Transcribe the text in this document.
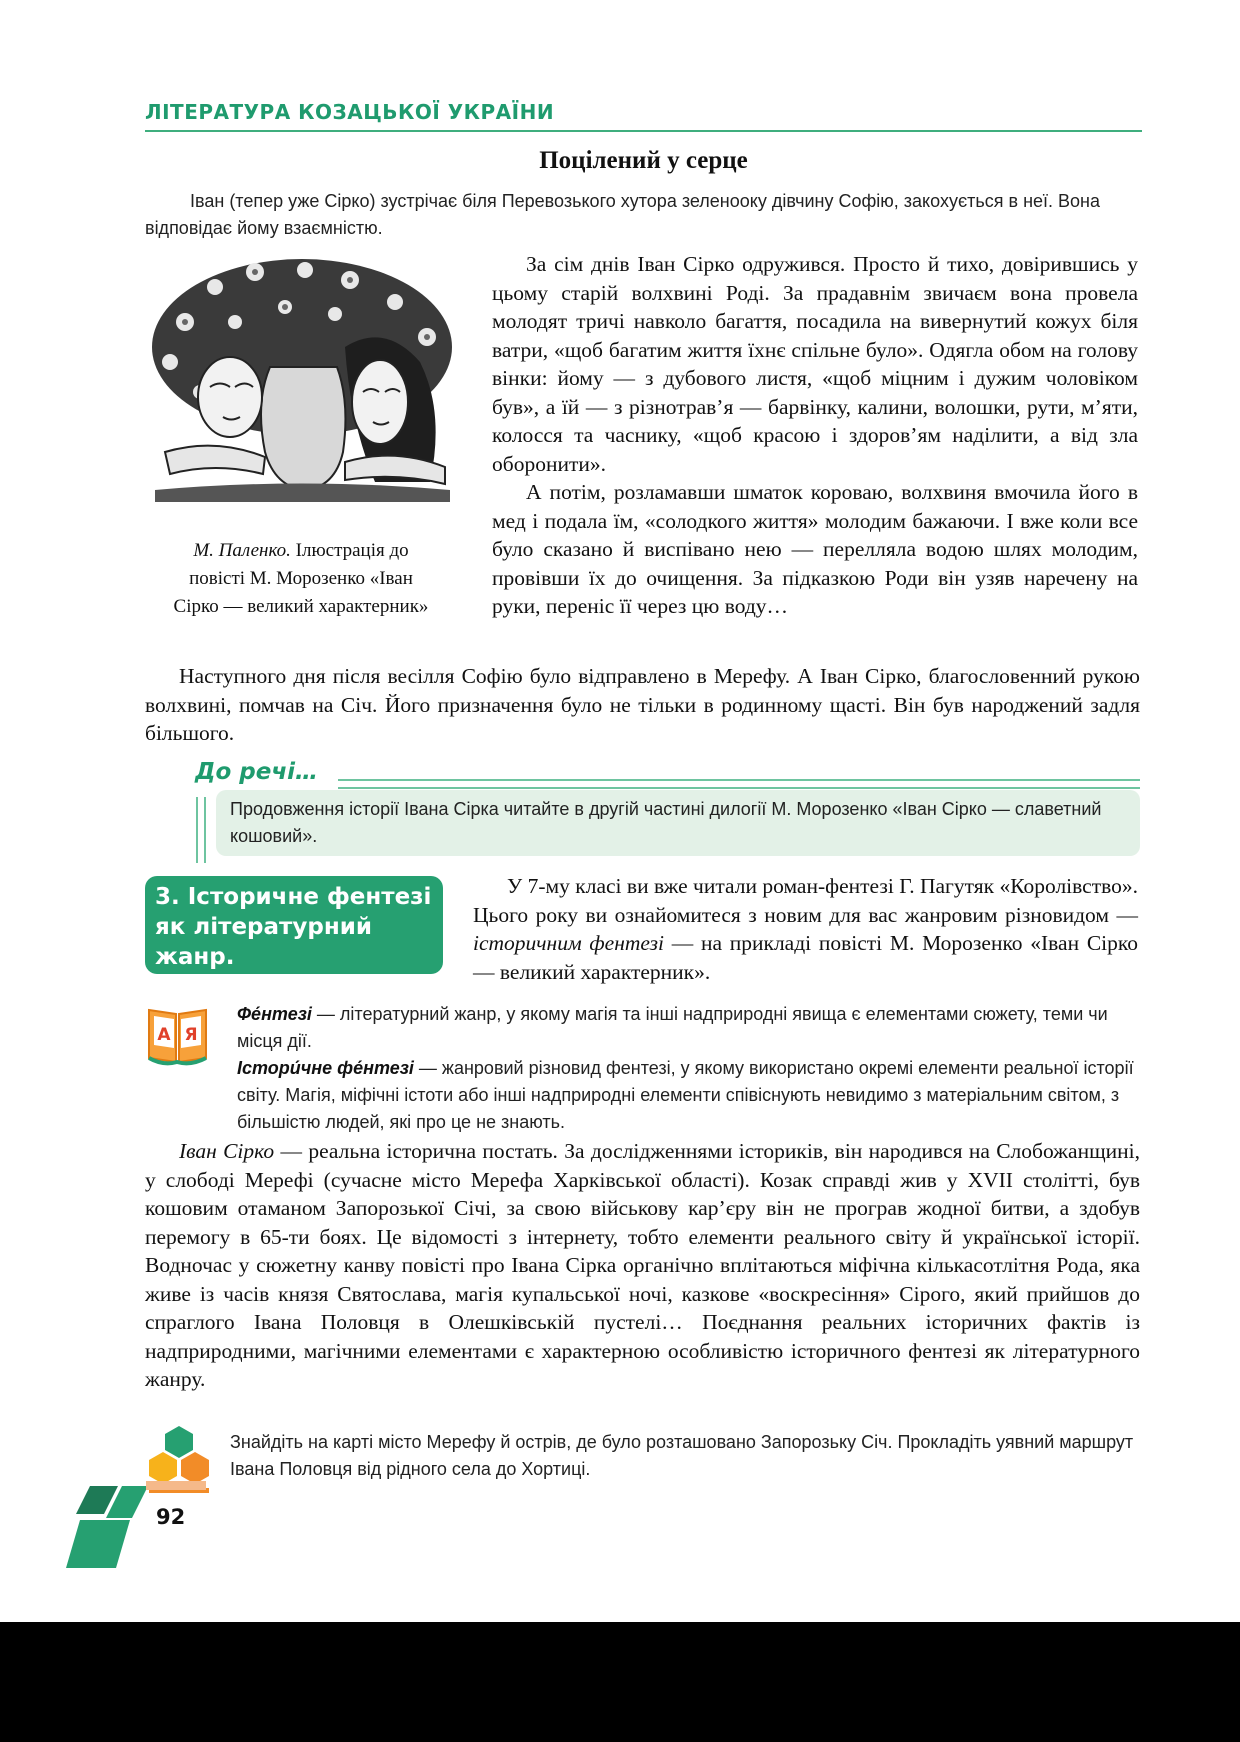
ЛІТЕРАТУРА КОЗАЦЬКОЇ УКРАЇНИ
Поцілений у серце

Іван (тепер уже Сірко) зустрічає біля Перевозького хутора зеленооку дівчину Софію, закохується в неї. Вона відповідає йому взаємністю.

М. Паленко. Ілюстрація до повісті М. Морозенко «Іван Сірко — великий характерник»

За сім днів Іван Сірко одружився. Просто й тихо, довірившись у цьому старій волхвині Роді. За прадавнім звичаєм вона провела молодят тричі навколо багаття, посадила на вивернутий кожух біля ватри, «щоб багатим життя їхнє спільне було». Одягла обом на голову вінки: йому — з дубового листя, «щоб міцним і дужим чоловіком був», а їй — з різнотрав’я — барвінку, калини, волошки, рути, м’яти, колосся та часнику, «щоб красою і здоров’ям наділити, а від зла оборонити».

А потім, розламавши шматок короваю, волхвиня вмочила його в мед і подала їм, «солодкого життя» молодим бажаючи. І вже коли все було сказано й виспівано нею — перелляла водою шлях молодим, провівши їх до очищення. За підказкою Роди він узяв наречену на руки, переніс її через цю воду…

Наступного дня після весілля Софію було відправлено в Мерефу. А Іван Сірко, благословенний рукою волхвині, помчав на Січ. Його призначення було не тільки в родинному щасті. Він був народжений задля більшого.

До речі…
Продовження історії Івана Сірка читайте в другій частині дилогії М. Морозенко «Іван Сірко — славетний кошовий».
3. Історичне фентезі як літературний жанр.

У 7-му класі ви вже читали роман-фентезі Г. Пагутяк «Королівство». Цього року ви ознайомитеся з новим для вас жанровим різновидом — історичним фентезі — на прикладі повісті М. Морозенко «Іван Сірко — великий характерник».

А Я

Фе́нтезі — літературний жанр, у якому магія та інші надприродні явища є елементами сюжету, теми чи місця дії.

Істори́чне фе́нтезі — жанровий різновид фентезі, у якому використано окремі елементи реальної історії світу. Магія, міфічні істоти або інші надприродні елементи співіснують невидимо з матеріальним світом, з більшістю людей, які про це не знають.

Іван Сірко — реальна історична постать. За дослідженнями істориків, він народився на Слобожанщині, у слободі Мерефі (сучасне місто Мерефа Харківської області). Козак справді жив у XVII столітті, був кошовим отаманом Запорозької Січі, за свою військову кар’єру він не програв жодної битви, а здобув перемогу в 65-ти боях. Це відомості з інтернету, тобто елементи реального світу й української історії. Водночас у сюжетну канву повісті про Івана Сірка органічно вплітаються міфічна кількасотлітня Рода, яка живе із часів князя Святослава, магія купальської ночі, казкове «воскресіння» Сірого, який прийшов до спраглого Івана Половця в Олешківській пустелі… Поєднання реальних історичних фактів із надприродними, магічними елементами є характерною особливістю історичного фентезі як літературного жанру.

Знайдіть на карті місто Мерефу й острів, де було розташовано Запорозьку Січ. Прокладіть уявний маршрут Івана Половця від рідного села до Хортиці.
92
